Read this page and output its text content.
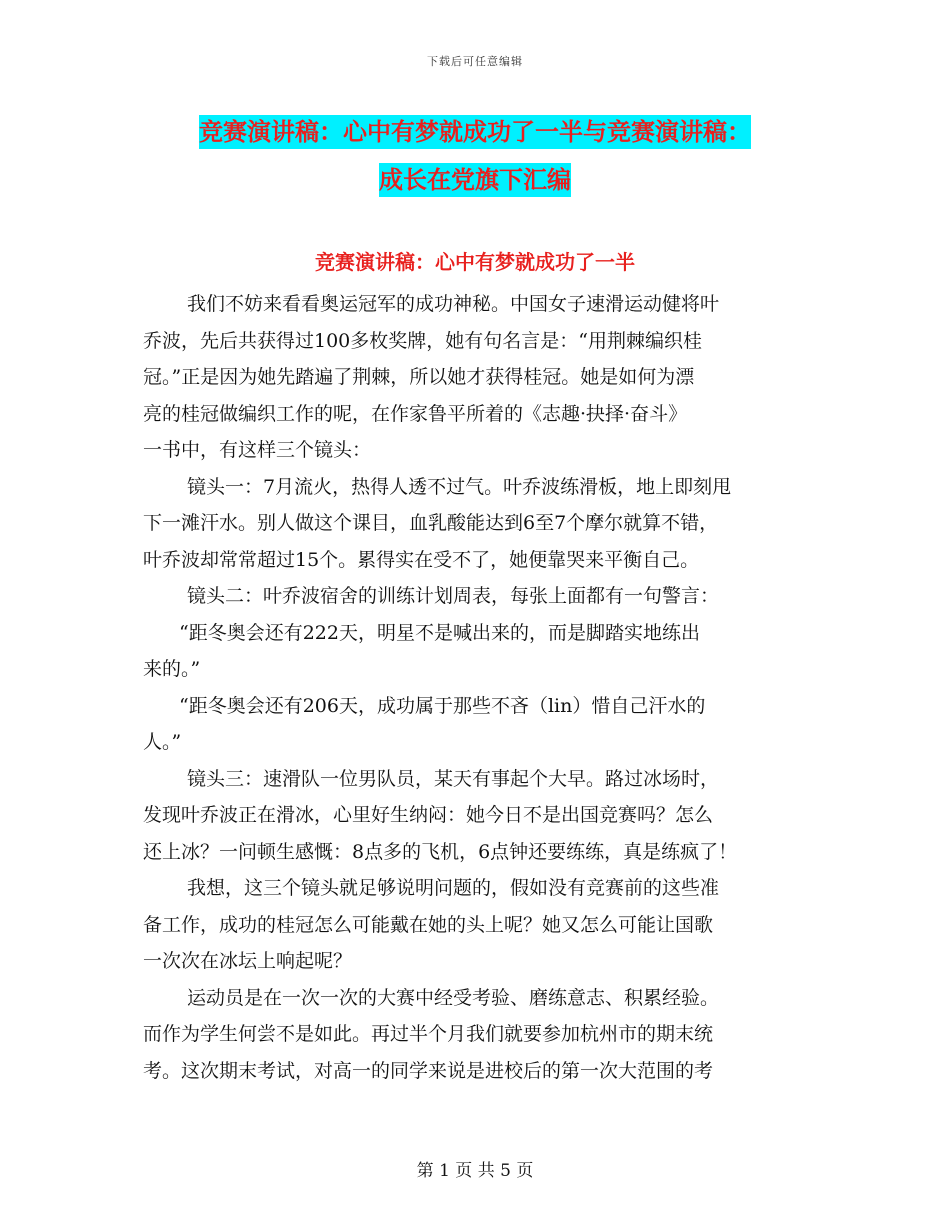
下载后可任意编辑
竞赛演讲稿：心中有梦就成功了一半与竞赛演讲稿：
成长在党旗下汇编
竞赛演讲稿：心中有梦就成功了一半
我们不妨来看看奥运冠军的成功神秘。中国女子速滑运动健将叶
乔波，先后共获得过100多枚奖牌，她有句名言是：“用荆棘编织桂
冠。”正是因为她先踏遍了荆棘，所以她才获得桂冠。她是如何为漂
亮的桂冠做编织工作的呢，在作家鲁平所着的《志趣·抉择·奋斗》
一书中，有这样三个镜头：
镜头一：7月流火，热得人透不过气。叶乔波练滑板，地上即刻甩
下一滩汗水。别人做这个课目，血乳酸能达到6至7个摩尔就算不错，
叶乔波却常常超过15个。累得实在受不了，她便靠哭来平衡自己。
镜头二：叶乔波宿舍的训练计划周表，每张上面都有一句警言：
“距冬奥会还有222天，明星不是喊出来的，而是脚踏实地练出
来的。”
“距冬奥会还有206天，成功属于那些不吝（lin）惜自己汗水的
人。”
镜头三：速滑队一位男队员，某天有事起个大早。路过冰场时，
发现叶乔波正在滑冰，心里好生纳闷：她今日不是出国竞赛吗？怎么
还上冰？一问顿生感慨：8点多的飞机，6点钟还要练练，真是练疯了！
我想，这三个镜头就足够说明问题的，假如没有竞赛前的这些准
备工作，成功的桂冠怎么可能戴在她的头上呢？她又怎么可能让国歌
一次次在冰坛上响起呢？
运动员是在一次一次的大赛中经受考验、磨练意志、积累经验。
而作为学生何尝不是如此。再过半个月我们就要参加杭州市的期末统
考。这次期末考试，对高一的同学来说是进校后的第一次大范围的考
第 1 页 共 5 页
